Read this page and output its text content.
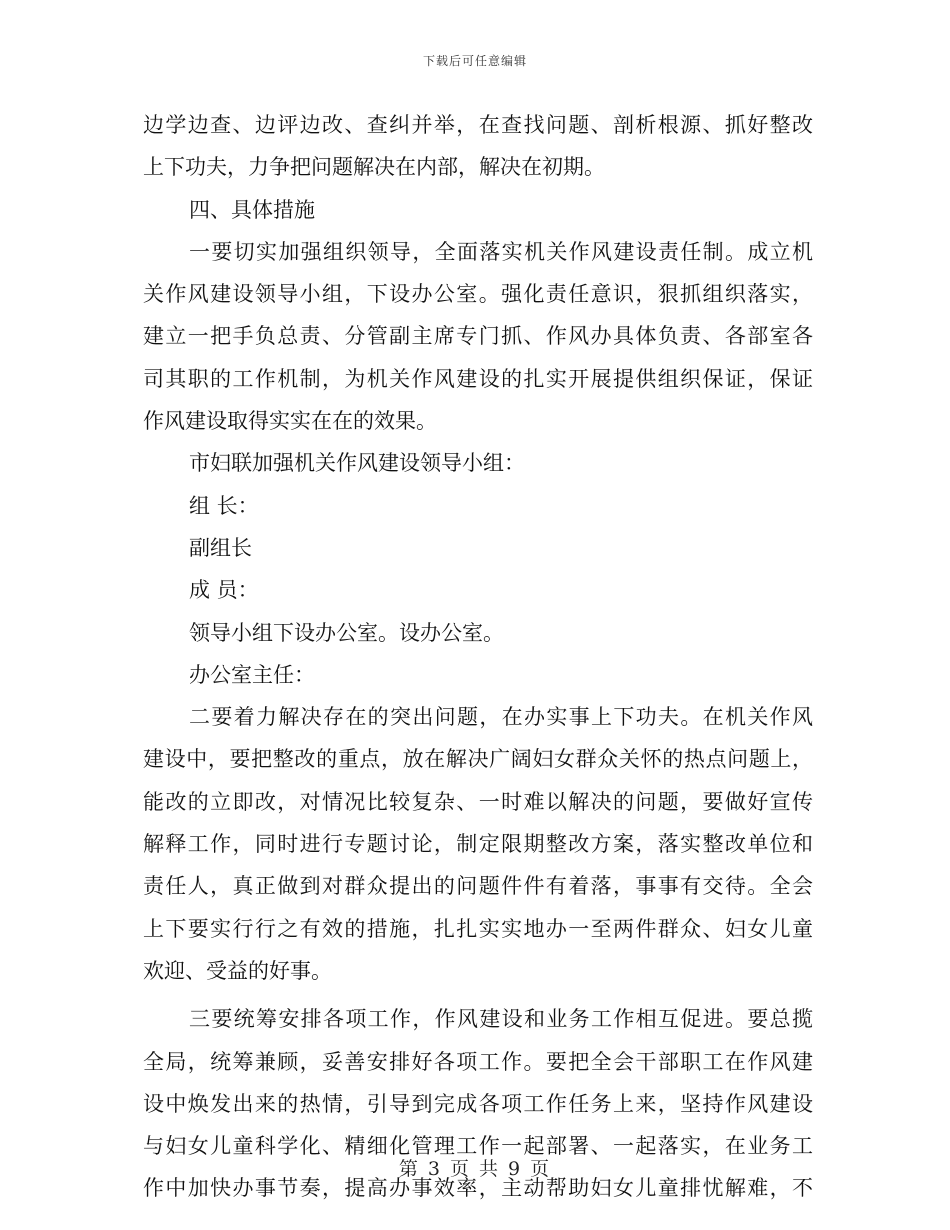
下载后可任意编辑
边学边查、边评边改、查纠并举，在查找问题、剖析根源、抓好整改
上下功夫，力争把问题解决在内部，解决在初期。
四、具体措施
一要切实加强组织领导，全面落实机关作风建设责任制。成立机
关作风建设领导小组，下设办公室。强化责任意识，狠抓组织落实，
建立一把手负总责、分管副主席专门抓、作风办具体负责、各部室各
司其职的工作机制，为机关作风建设的扎实开展提供组织保证，保证
作风建设取得实实在在的效果。
市妇联加强机关作风建设领导小组：
组 长：
副组长
成 员：
领导小组下设办公室。设办公室。
办公室主任：
二要着力解决存在的突出问题，在办实事上下功夫。在机关作风
建设中，要把整改的重点，放在解决广阔妇女群众关怀的热点问题上，
能改的立即改，对情况比较复杂、一时难以解决的问题，要做好宣传
解释工作，同时进行专题讨论，制定限期整改方案，落实整改单位和
责任人，真正做到对群众提出的问题件件有着落，事事有交待。全会
上下要实行行之有效的措施，扎扎实实地办一至两件群众、妇女儿童
欢迎、受益的好事。
三要统筹安排各项工作，作风建设和业务工作相互促进。要总揽
全局，统筹兼顾，妥善安排好各项工作。要把全会干部职工在作风建
设中焕发出来的热情，引导到完成各项工作任务上来，坚持作风建设
与妇女儿童科学化、精细化管理工作一起部署、一起落实，在业务工
作中加快办事节奏，提高办事效率，主动帮助妇女儿童排忧解难，不
第 3 页 共 9 页
